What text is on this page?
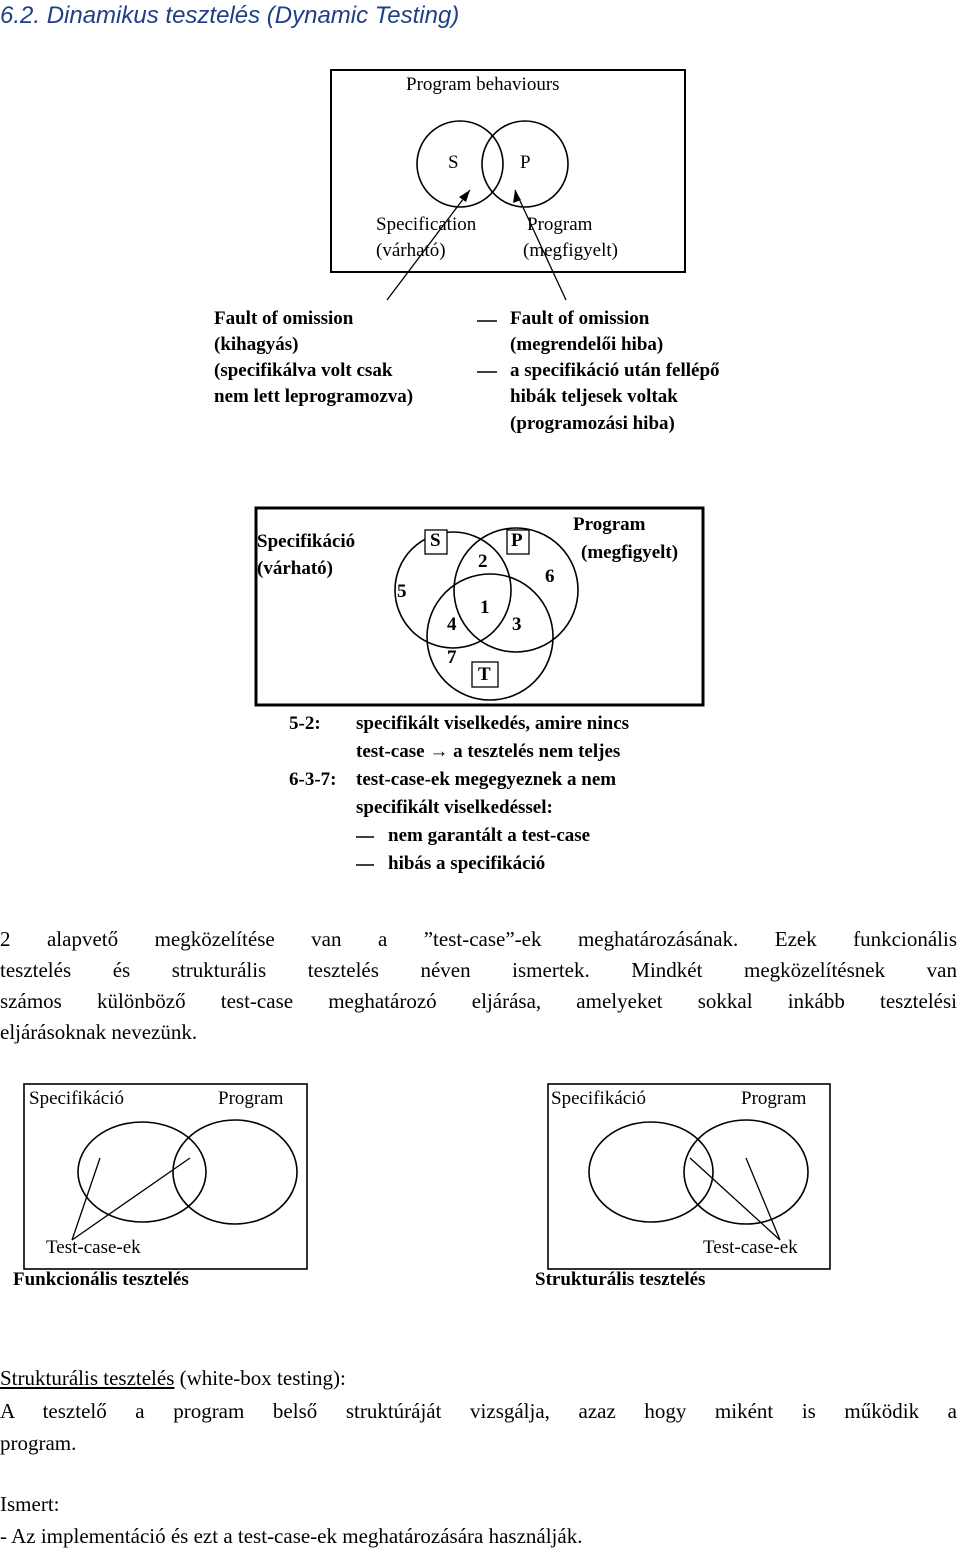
6.2. Dinamikus tesztelés (Dynamic Testing)
Program behaviours
S	P
Specification
(várható)
Program
(megfigyelt)
Fault of omission
(kihagyás)
(specifikálva volt csak
nem lett leprogramozva)
Fault of omission
(megrendelői hiba)
a specifikáció után fellépő
hibák teljesek voltak
(programozási hiba)
Specifikáció
(várható)
Program
(megfigyelt)
S	P
T
1
2
3
4
5
6
7
5-2: specifikált viselkedés, amire nincs
test-case → a tesztelés nem teljes
6-3-7: test-case-ek megegyeznek a nem
specifikált viselkedéssel:
nem garantált a test-case
hibás a specifikáció
2 alapvető megközelítése van a ”test-case”-ek meghatározásának. Ezek funkcionális
tesztelés és strukturális tesztelés néven ismertek. Mindkét megközelítésnek van
számos különböző test-case meghatározó eljárása, amelyeket sokkal inkább tesztelési
eljárásoknak nevezünk.
Specifikáció	Program
Test-case-ek
Funkcionális tesztelés
Specifikáció	Program
Test-case-ek
Strukturális tesztelés
Strukturális tesztelés (white-box testing):
A tesztelő a program belső struktúráját vizsgálja, azaz hogy miként is működik a
program.
Ismert:
- Az implementáció és ezt a test-case-ek meghatározására használják.
